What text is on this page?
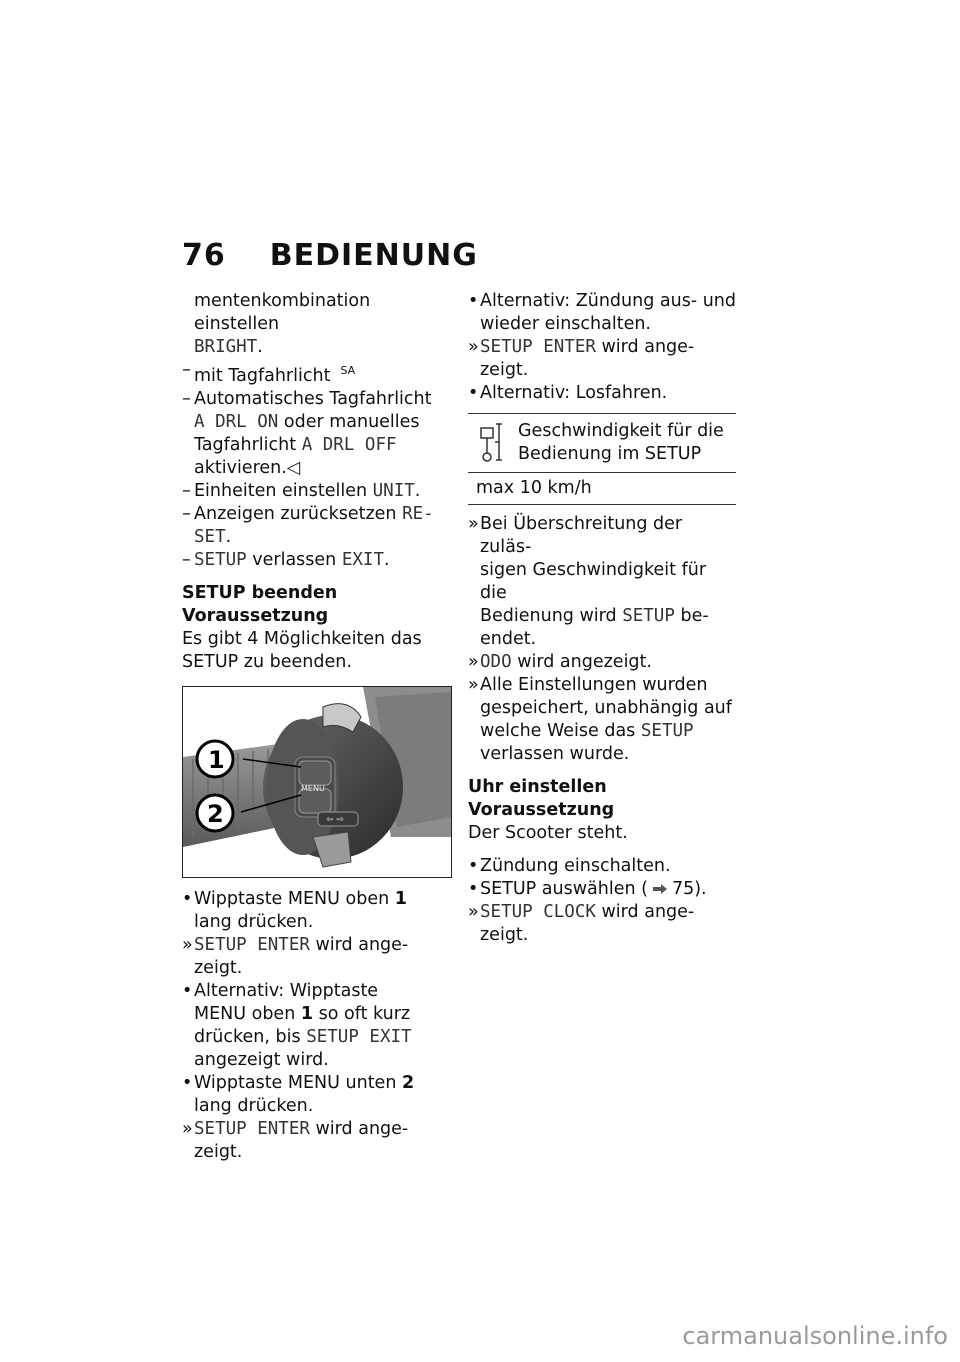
76 BEDIENUNG

mentenkombination einstellen
BRIGHT.

– mit Tagfahrlicht $^{SA}$

– Automatisches Tagfahrlicht
A DRL ON oder manuelles
Tagfahrlicht A DRL OFF
aktivieren.◁

– Einheiten einstellen UNIT.

– Anzeigen zurücksetzen RE-
SET.

– SETUP verlassen EXIT.

SETUP beenden

Voraussetzung

Es gibt 4 Möglichkeiten das
SETUP zu beenden.

MENU
⇦ ⇨
1
2

• Wipptaste MENU oben 1
lang drücken.

» SETUP ENTER wird ange-
zeigt.

• Alternativ: Wipptaste
MENU oben 1 so oft kurz
drücken, bis SETUP EXIT
angezeigt wird.

• Wipptaste MENU unten 2
lang drücken.

» SETUP ENTER wird ange-
zeigt.

• Alternativ: Zündung aus- und
wieder einschalten.

» SETUP ENTER wird ange-
zeigt.

• Alternativ: Losfahren.

Geschwindigkeit für die
Bedienung im SETUP
max 10 km/h

» Bei Überschreitung der zuläs-
sigen Geschwindigkeit für die
Bedienung wird SETUP be-
endet.

» ODO wird angezeigt.

» Alle Einstellungen wurden
gespeichert, unabhängig auf
welche Weise das SETUP
verlassen wurde.

Uhr einstellen

Voraussetzung

Der Scooter steht.

• Zündung einschalten.

• SETUP auswählen ( 75).

» SETUP CLOCK wird ange-
zeigt.

carmanualsonline.info
